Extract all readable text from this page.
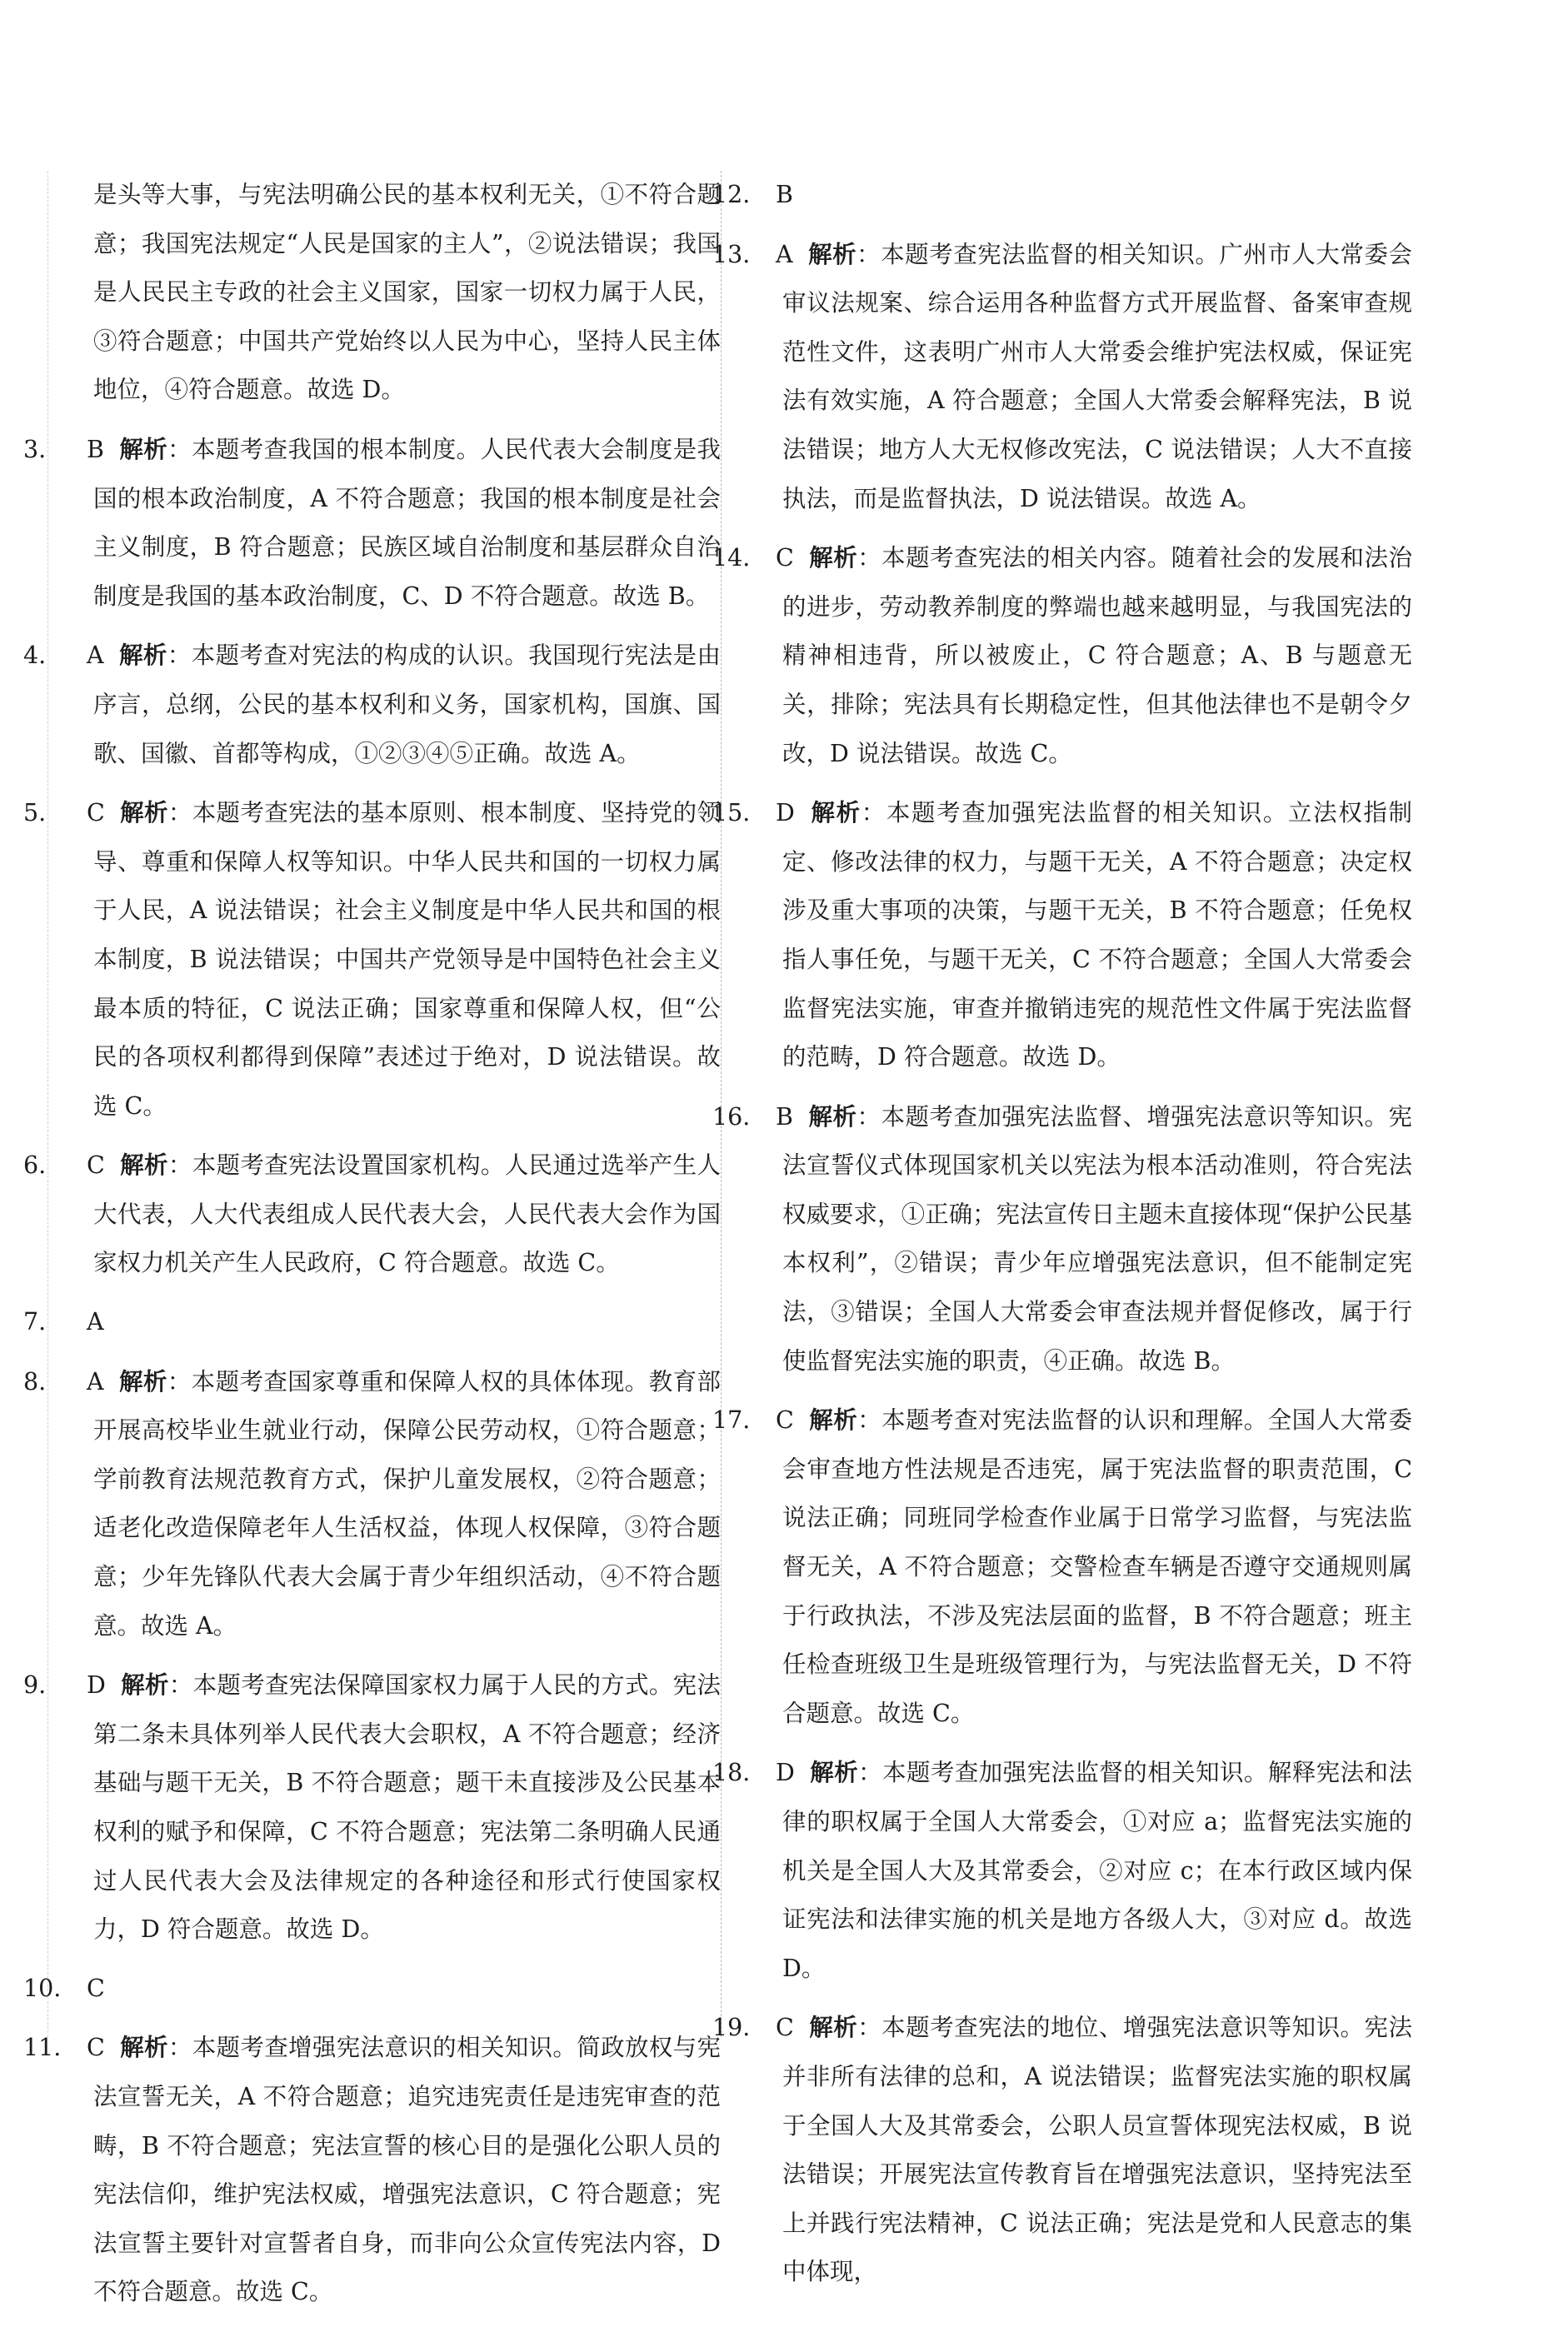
是头等大事，与宪法明确公民的基本权利无关，①不符合题意；我国宪法规定“人民是国家的主人”，②说法错误；我国是人民民主专政的社会主义国家，国家一切权力属于人民，③符合题意；中国共产党始终以人民为中心，坚持人民主体地位，④符合题意。故选 D。
3. B 解析：本题考查我国的根本制度。人民代表大会制度是我国的根本政治制度，A 不符合题意；我国的根本制度是社会主义制度，B 符合题意；民族区域自治制度和基层群众自治制度是我国的基本政治制度，C、D 不符合题意。故选 B。
4. A 解析：本题考查对宪法的构成的认识。我国现行宪法是由序言，总纲，公民的基本权利和义务，国家机构，国旗、国歌、国徽、首都等构成，①②③④⑤正确。故选 A。
5. C 解析：本题考查宪法的基本原则、根本制度、坚持党的领导、尊重和保障人权等知识。中华人民共和国的一切权力属于人民，A 说法错误；社会主义制度是中华人民共和国的根本制度，B 说法错误；中国共产党领导是中国特色社会主义最本质的特征，C 说法正确；国家尊重和保障人权，但“公民的各项权利都得到保障”表述过于绝对，D 说法错误。故选 C。
6. C 解析：本题考查宪法设置国家机构。人民通过选举产生人大代表，人大代表组成人民代表大会，人民代表大会作为国家权力机关产生人民政府，C 符合题意。故选 C。
7. A
8. A 解析：本题考查国家尊重和保障人权的具体体现。教育部开展高校毕业生就业行动，保障公民劳动权，①符合题意；学前教育法规范教育方式，保护儿童发展权，②符合题意；适老化改造保障老年人生活权益，体现人权保障，③符合题意；少年先锋队代表大会属于青少年组织活动，④不符合题意。故选 A。
9. D 解析：本题考查宪法保障国家权力属于人民的方式。宪法第二条未具体列举人民代表大会职权，A 不符合题意；经济基础与题干无关，B 不符合题意；题干未直接涉及公民基本权利的赋予和保障，C 不符合题意；宪法第二条明确人民通过人民代表大会及法律规定的各种途径和形式行使国家权力，D 符合题意。故选 D。
10. C
11. C 解析：本题考查增强宪法意识的相关知识。简政放权与宪法宣誓无关，A 不符合题意；追究违宪责任是违宪审查的范畴，B 不符合题意；宪法宣誓的核心目的是强化公职人员的宪法信仰，维护宪法权威，增强宪法意识，C 符合题意；宪法宣誓主要针对宣誓者自身，而非向公众宣传宪法内容，D 不符合题意。故选 C。
12. B
13. A 解析：本题考查宪法监督的相关知识。广州市人大常委会审议法规案、综合运用各种监督方式开展监督、备案审查规范性文件，这表明广州市人大常委会维护宪法权威，保证宪法有效实施，A 符合题意；全国人大常委会解释宪法，B 说法错误；地方人大无权修改宪法，C 说法错误；人大不直接执法，而是监督执法，D 说法错误。故选 A。
14. C 解析：本题考查宪法的相关内容。随着社会的发展和法治的进步，劳动教养制度的弊端也越来越明显，与我国宪法的精神相违背，所以被废止，C 符合题意；A、B 与题意无关，排除；宪法具有长期稳定性，但其他法律也不是朝令夕改，D 说法错误。故选 C。
15. D 解析：本题考查加强宪法监督的相关知识。立法权指制定、修改法律的权力，与题干无关，A 不符合题意；决定权涉及重大事项的决策，与题干无关，B 不符合题意；任免权指人事任免，与题干无关，C 不符合题意；全国人大常委会监督宪法实施，审查并撤销违宪的规范性文件属于宪法监督的范畴，D 符合题意。故选 D。
16. B 解析：本题考查加强宪法监督、增强宪法意识等知识。宪法宣誓仪式体现国家机关以宪法为根本活动准则，符合宪法权威要求，①正确；宪法宣传日主题未直接体现“保护公民基本权利”，②错误；青少年应增强宪法意识，但不能制定宪法，③错误；全国人大常委会审查法规并督促修改，属于行使监督宪法实施的职责，④正确。故选 B。
17. C 解析：本题考查对宪法监督的认识和理解。全国人大常委会审查地方性法规是否违宪，属于宪法监督的职责范围，C 说法正确；同班同学检查作业属于日常学习监督，与宪法监督无关，A 不符合题意；交警检查车辆是否遵守交通规则属于行政执法，不涉及宪法层面的监督，B 不符合题意；班主任检查班级卫生是班级管理行为，与宪法监督无关，D 不符合题意。故选 C。
18. D 解析：本题考查加强宪法监督的相关知识。解释宪法和法律的职权属于全国人大常委会，①对应 a；监督宪法实施的机关是全国人大及其常委会，②对应 c；在本行政区域内保证宪法和法律实施的机关是地方各级人大，③对应 d。故选 D。
19. C 解析：本题考查宪法的地位、增强宪法意识等知识。宪法并非所有法律的总和，A 说法错误；监督宪法实施的职权属于全国人大及其常委会，公职人员宣誓体现宪法权威，B 说法错误；开展宪法宣传教育旨在增强宪法意识，坚持宪法至上并践行宪法精神，C 说法正确；宪法是党和人民意志的集中体现，
